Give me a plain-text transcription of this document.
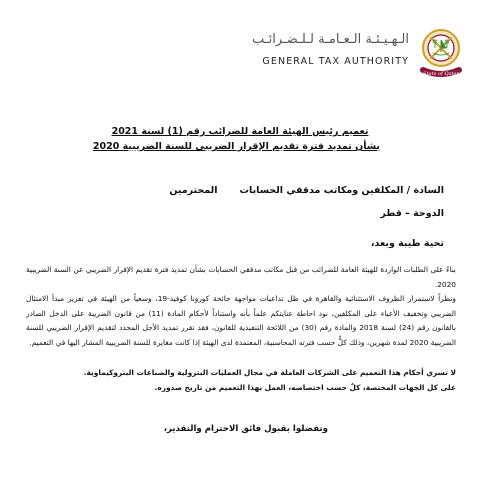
الـهـيـئـة الـعـامـة لـلـضـرائـب
GENERAL TAX AUTHORITY
State of Qatar
تعميم رئيس الهيئة العامة للضرائب رقم (1) لسنة 2021
بشأن تمديد فترة تقديم الإقرار الضريبي للسنة الضريبية 2020
السادة / المكلفين ومكاتب مدققي الحسابات
المحترمين
الدوحة – قطر
تحية طيبة وبعد،
بناءً على الطلبات الواردة للهيئة العامة للضرائب من قبل مكاتب مدققي الحسابات بشأن تمديد فترة تقديم الإقرار الضريبي عن السنة الضريبية 2020.
ونظراً لاستمرار الظروف الاستثنائية والقاهرة في ظل تداعيات مواجهة جائحة كورونا كوفيد-19، وسعياً من الهيئة في تعزيز مبدأ الامتثال الضريبي وتخفيف الأعباء على المكلفين، نود احاطة عنايتكم علماً بأنه واستناداً لأحكام المادة (11) من قانون الضريبة على الدخل الصادر بالقانون رقم (24) لسنة 2018 والمادة رقم (30) من اللائحة التنفيذية للقانون، فقد تقرر تمديد الأجل المحدد لتقديم الإقرار الضريبي للسنة الضريبية 2020 لمدة شهرين، وذلك كلٌّ حسب فترته المحاسبية، المعتمدة لدى الهيئة إذا كانت مغايرة للسنة الضريبية المشار اليها في التعميم.
لا تسري أحكام هذا التعميم على الشركات العاملة في مجال العمليات البترولية والصناعات البتروكيماوية.
على كل الجهات المختصة، كلٌ حسب اختصاصه، العمل بهذا التعميم من تاريخ صدوره.
وتفضلوا بقبول فائق الاحترام والتقدير،
